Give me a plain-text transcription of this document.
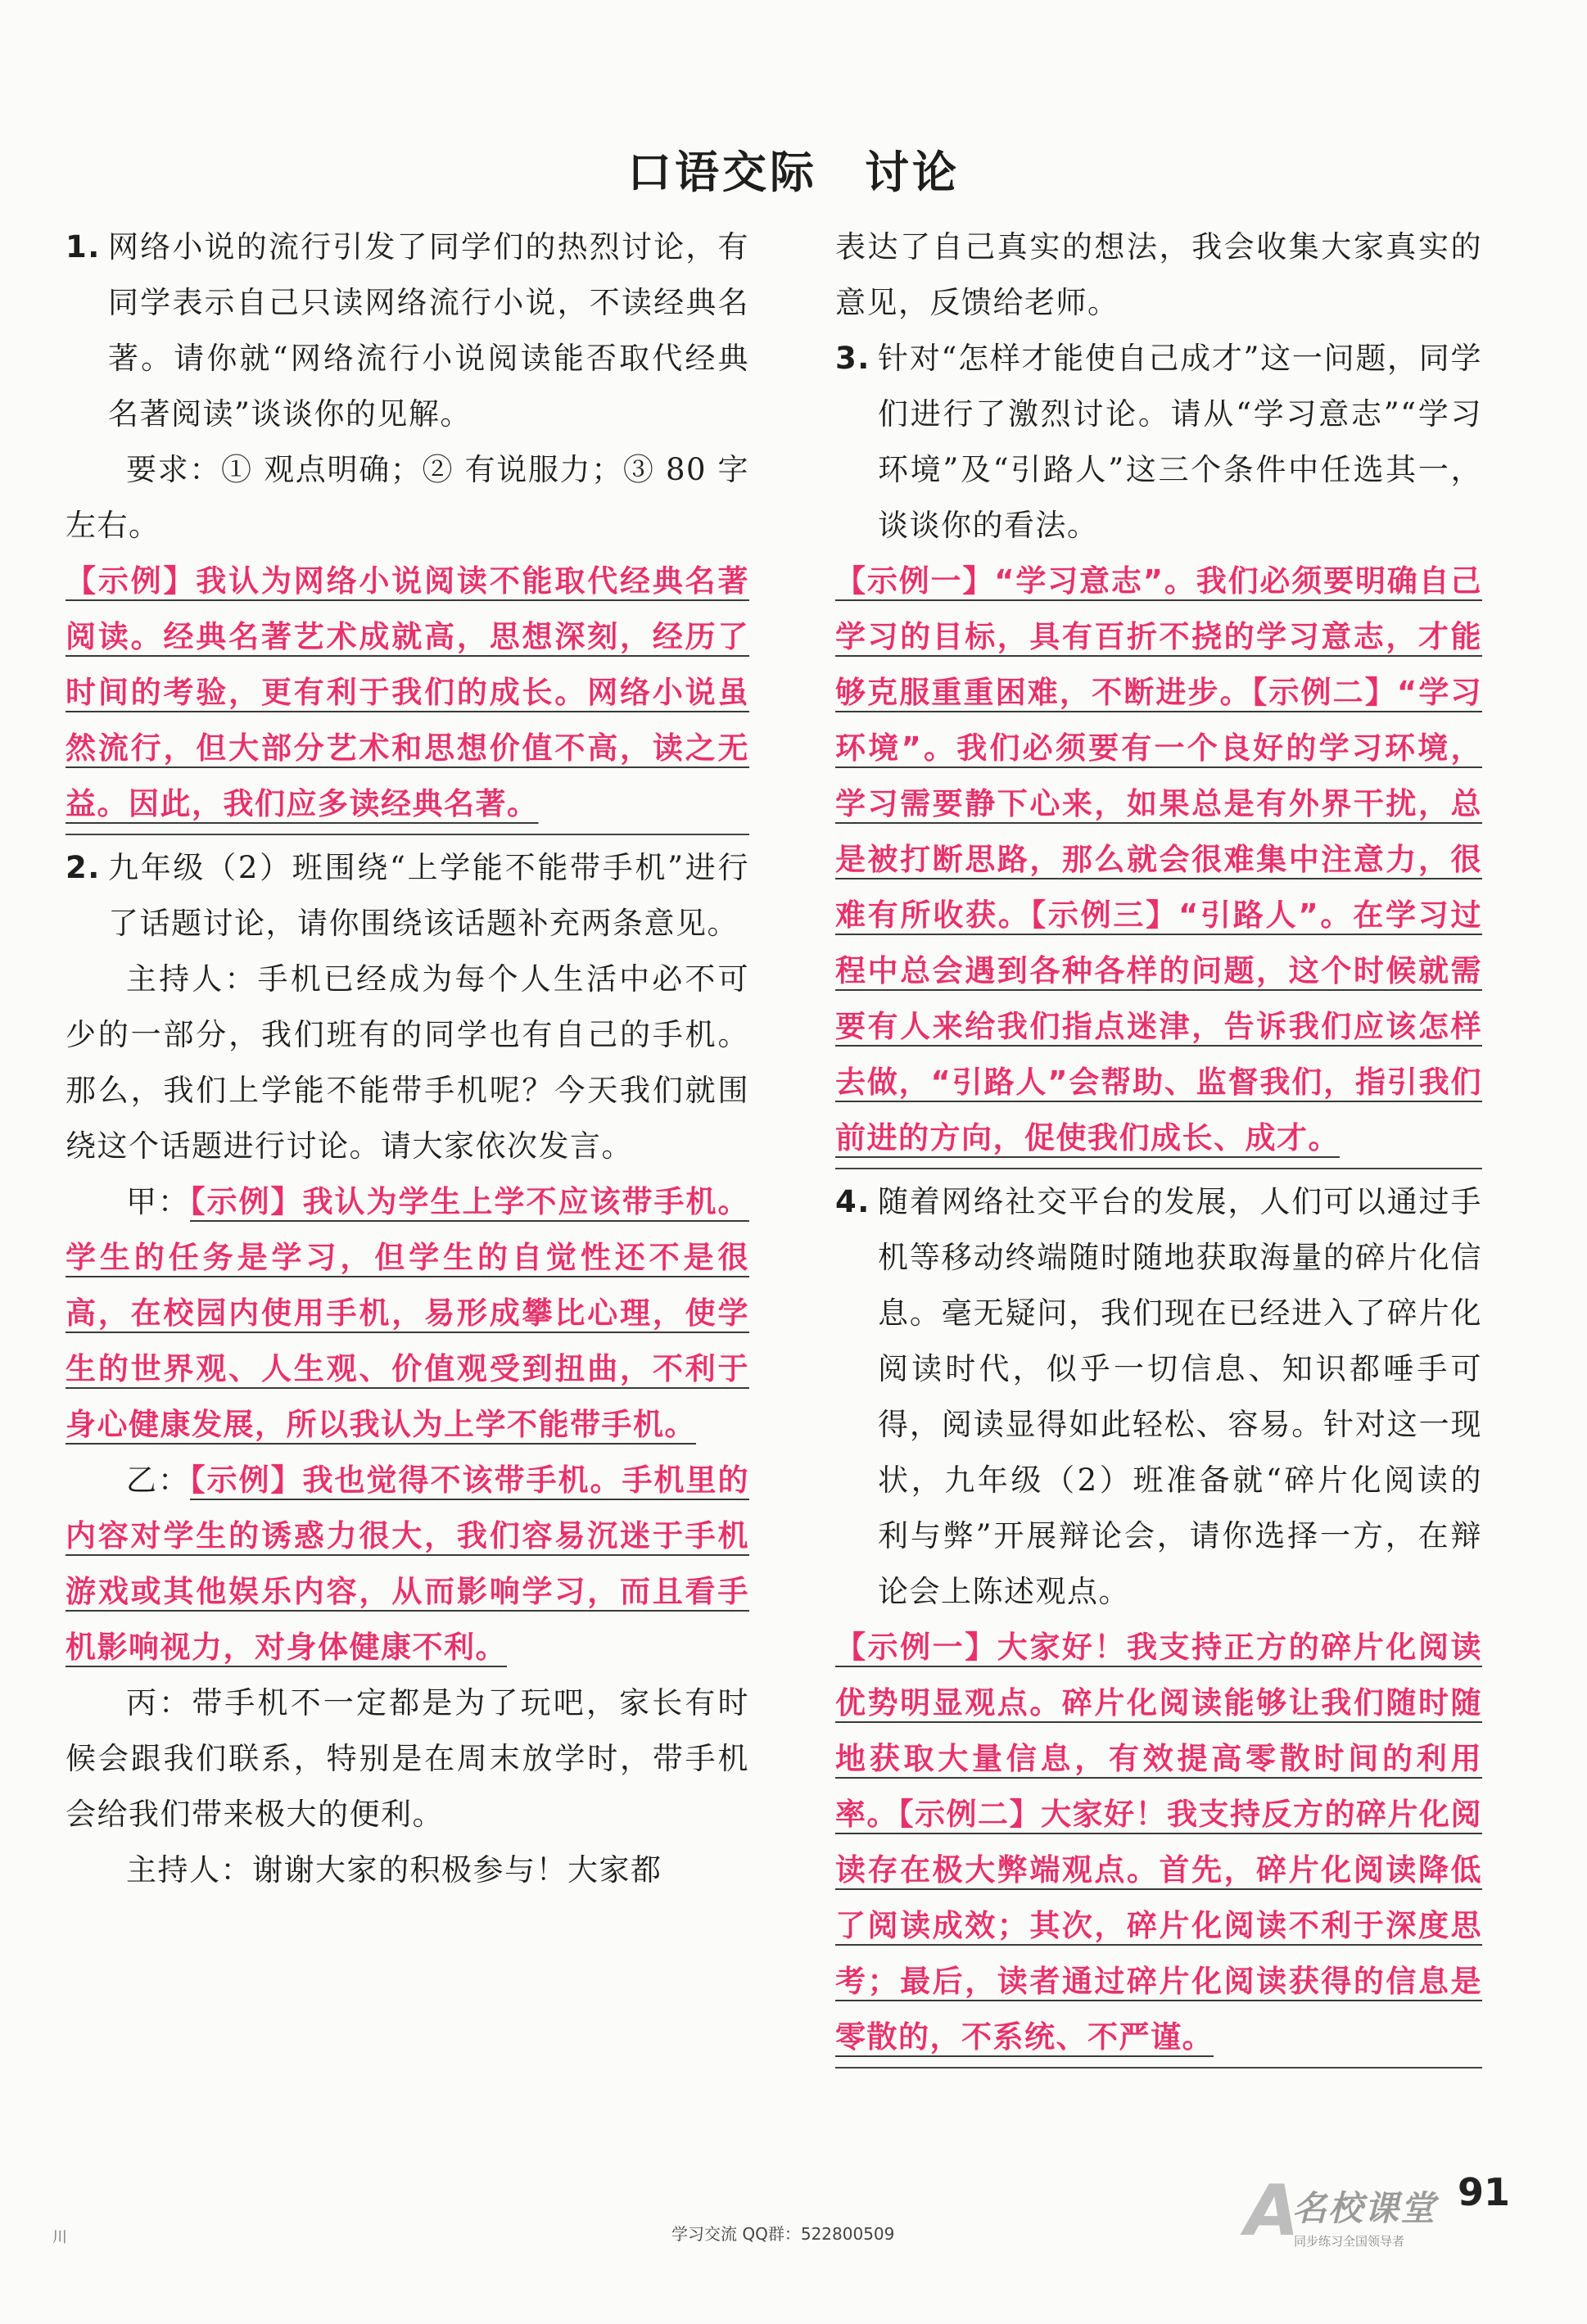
口语交际　讨论
1. 网络小说的流行引发了同学们的热烈讨论，有同学表示自己只读网络流行小说，不读经典名著。请你就“网络流行小说阅读能否取代经典名著阅读”谈谈你的见解。
要求：① 观点明确；② 有说服力；③ 80 字左右。
【示例】我认为网络小说阅读不能取代经典名著阅读。经典名著艺术成就高，思想深刻，经历了时间的考验，更有利于我们的成长。网络小说虽然流行，但大部分艺术和思想价值不高，读之无益。因此，我们应多读经典名著。
2. 九年级（2）班围绕“上学能不能带手机”进行了话题讨论，请你围绕该话题补充两条意见。
主持人：手机已经成为每个人生活中必不可少的一部分，我们班有的同学也有自己的手机。那么，我们上学能不能带手机呢？今天我们就围绕这个话题进行讨论。请大家依次发言。
甲：【示例】我认为学生上学不应该带手机。学生的任务是学习，但学生的自觉性还不是很高，在校园内使用手机，易形成攀比心理，使学生的世界观、人生观、价值观受到扭曲，不利于身心健康发展，所以我认为上学不能带手机。
乙：【示例】我也觉得不该带手机。手机里的内容对学生的诱惑力很大，我们容易沉迷于手机游戏或其他娱乐内容，从而影响学习，而且看手机影响视力，对身体健康不利。
丙：带手机不一定都是为了玩吧，家长有时候会跟我们联系，特别是在周末放学时，带手机会给我们带来极大的便利。
主持人：谢谢大家的积极参与！大家都
表达了自己真实的想法，我会收集大家真实的意见，反馈给老师。
3. 针对“怎样才能使自己成才”这一问题，同学们进行了激烈讨论。请从“学习意志”“学习环境”及“引路人”这三个条件中任选其一，谈谈你的看法。
【示例一】“学习意志”。我们必须要明确自己学习的目标，具有百折不挠的学习意志，才能够克服重重困难，不断进步。【示例二】“学习环境”。我们必须要有一个良好的学习环境，学习需要静下心来，如果总是有外界干扰，总是被打断思路，那么就会很难集中注意力，很难有所收获。【示例三】“引路人”。在学习过程中总会遇到各种各样的问题，这个时候就需要有人来给我们指点迷津，告诉我们应该怎样去做，“引路人”会帮助、监督我们，指引我们前进的方向，促使我们成长、成才。
4. 随着网络社交平台的发展，人们可以通过手机等移动终端随时随地获取海量的碎片化信息。毫无疑问，我们现在已经进入了碎片化阅读时代，似乎一切信息、知识都唾手可得，阅读显得如此轻松、容易。针对这一现状，九年级（2）班准备就“碎片化阅读的利与弊”开展辩论会，请你选择一方，在辩论会上陈述观点。
【示例一】大家好！我支持正方的碎片化阅读优势明显观点。碎片化阅读能够让我们随时随地获取大量信息，有效提高零散时间的利用率。【示例二】大家好！我支持反方的碎片化阅读存在极大弊端观点。首先，碎片化阅读降低了阅读成效；其次，碎片化阅读不利于深度思考；最后，读者通过碎片化阅读获得的信息是零散的，不系统、不严谨。
川	学习交流 QQ群：522800509	A
名校课堂
同步练习全国领导者
91
